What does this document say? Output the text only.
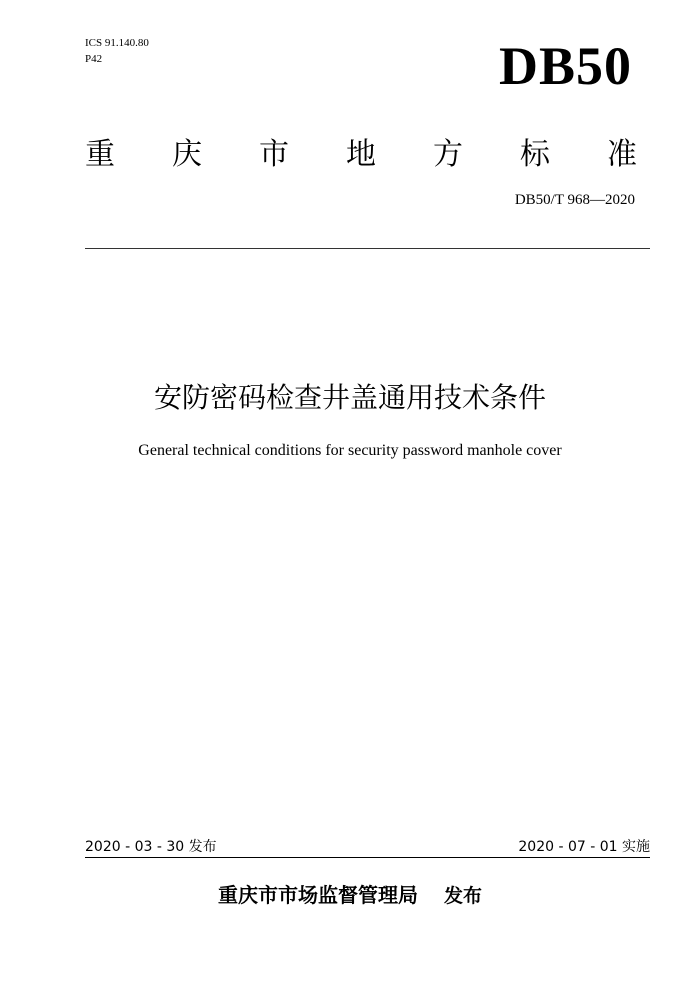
ICS 91.140.80
P42	DB50
重 庆 市 地 方 标 准
DB50/T 968—2020
安防密码检查井盖通用技术条件
General technical conditions for security password manhole cover
2020 - 03 - 30 发布	2020 - 07 - 01 实施
重庆市市场监督管理局 发布
